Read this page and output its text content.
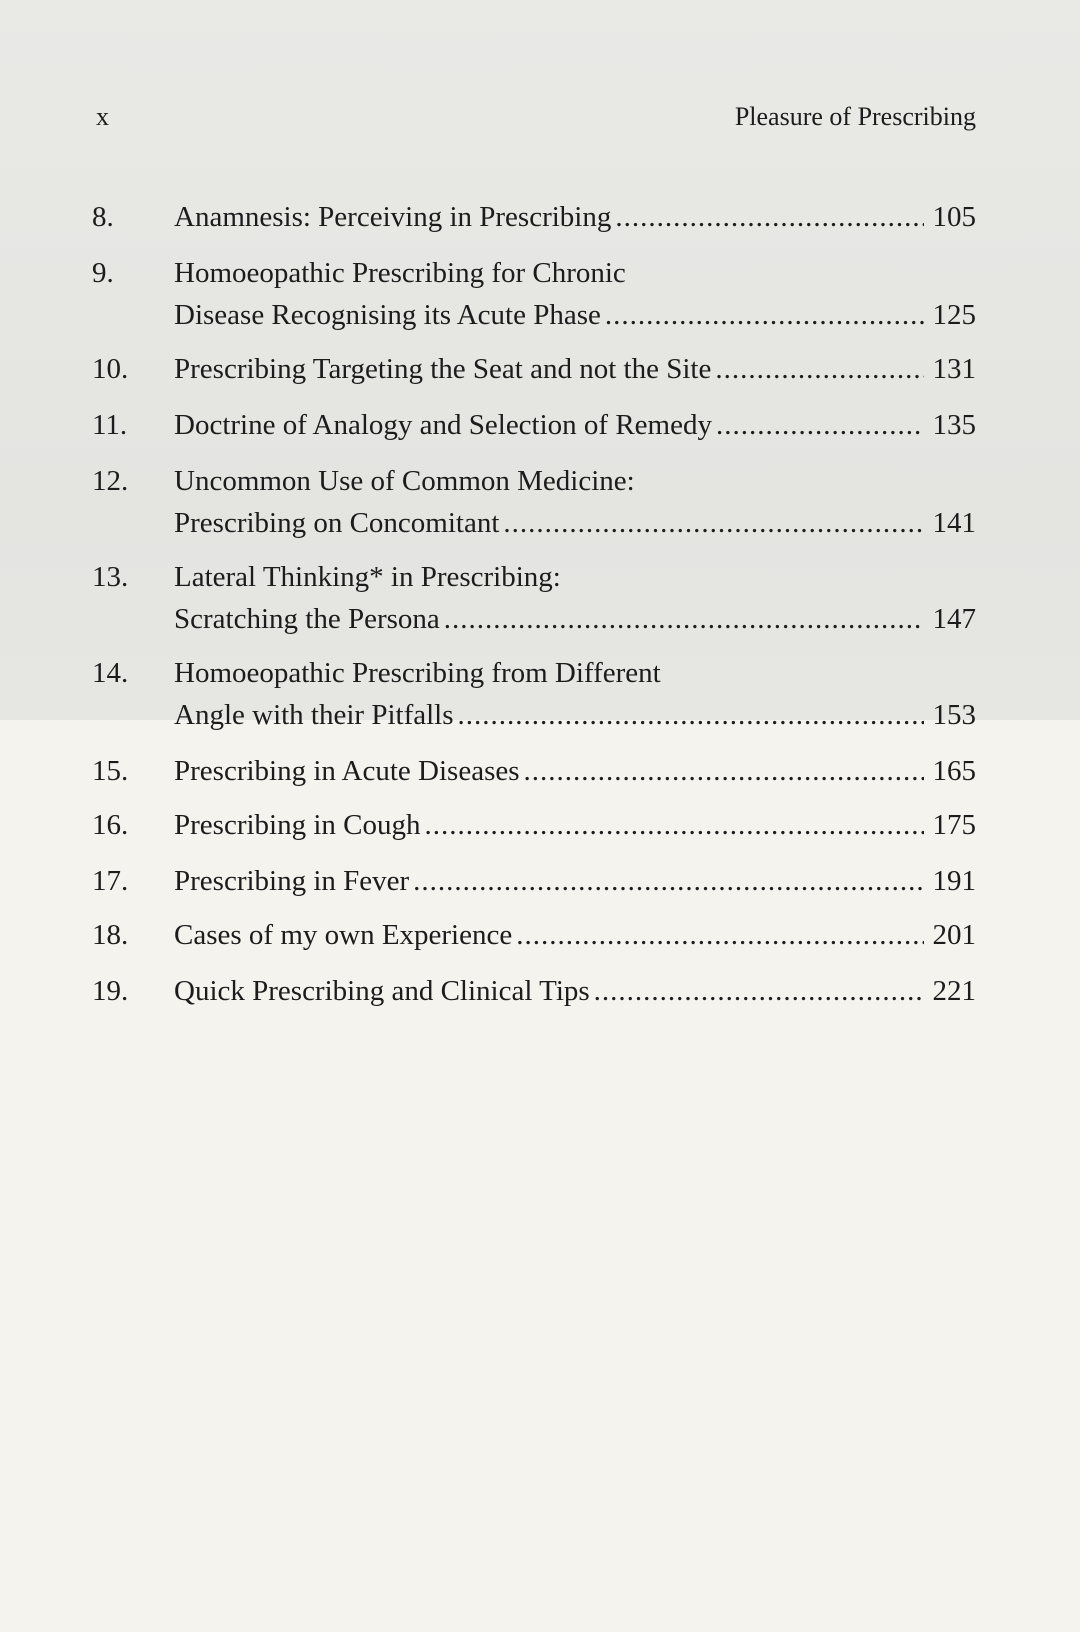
x	Pleasure of Prescribing
8. Anamnesis: Perceiving in Prescribing .....	105
9. Homoeopathic Prescribing for Chronic
Disease Recognising its Acute Phase .....	125
10. Prescribing Targeting the Seat and not the Site .....	131
11. Doctrine of Analogy and Selection of Remedy .....	135
12. Uncommon Use of Common Medicine:
Prescribing on Concomitant .....	141
13. Lateral Thinking* in Prescribing:
Scratching the Persona .....	147
14. Homoeopathic Prescribing from Different
Angle with their Pitfalls .....	153
15. Prescribing in Acute Diseases .....	165
16. Prescribing in Cough .....	175
17. Prescribing in Fever .....	191
18. Cases of my own Experience .....	201
19. Quick Prescribing and Clinical Tips .....	221
